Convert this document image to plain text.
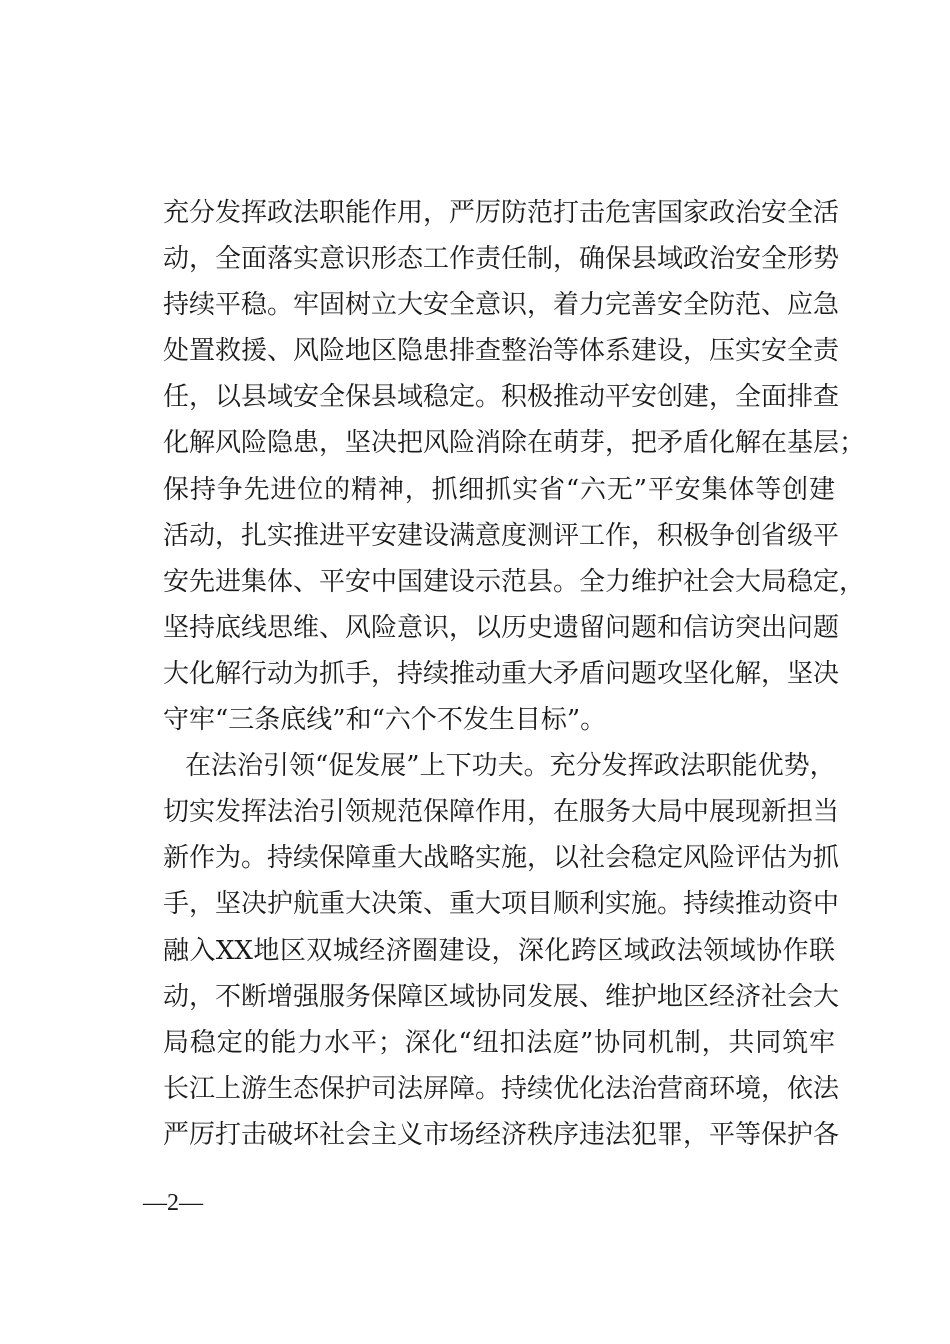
充分发挥政法职能作用，严厉防范打击危害国家政治安全活
动，全面落实意识形态工作责任制，确保县域政治安全形势
持续平稳。牢固树立大安全意识，着力完善安全防范、应急
处置救援、风险地区隐患排查整治等体系建设，压实安全责
任，以县域安全保县域稳定。积极推动平安创建，全面排查
化解风险隐患，坚决把风险消除在萌芽，把矛盾化解在基层；
保持争先进位的精神，抓细抓实省“六无”平安集体等创建
活动，扎实推进平安建设满意度测评工作，积极争创省级平
安先进集体、平安中国建设示范县。全力维护社会大局稳定，
坚持底线思维、风险意识，以历史遗留问题和信访突出问题
大化解行动为抓手，持续推动重大矛盾问题攻坚化解，坚决
守牢“三条底线”和“六个不发生目标”。
在法治引领“促发展”上下功夫。充分发挥政法职能优势，
切实发挥法治引领规范保障作用，在服务大局中展现新担当
新作为。持续保障重大战略实施，以社会稳定风险评估为抓
手，坚决护航重大决策、重大项目顺利实施。持续推动资中
融入XX地区双城经济圈建设，深化跨区域政法领域协作联
动，不断增强服务保障区域协同发展、维护地区经济社会大
局稳定的能力水平；深化“纽扣法庭”协同机制，共同筑牢
长江上游生态保护司法屏障。持续优化法治营商环境，依法
严厉打击破坏社会主义市场经济秩序违法犯罪，平等保护各
—2—
